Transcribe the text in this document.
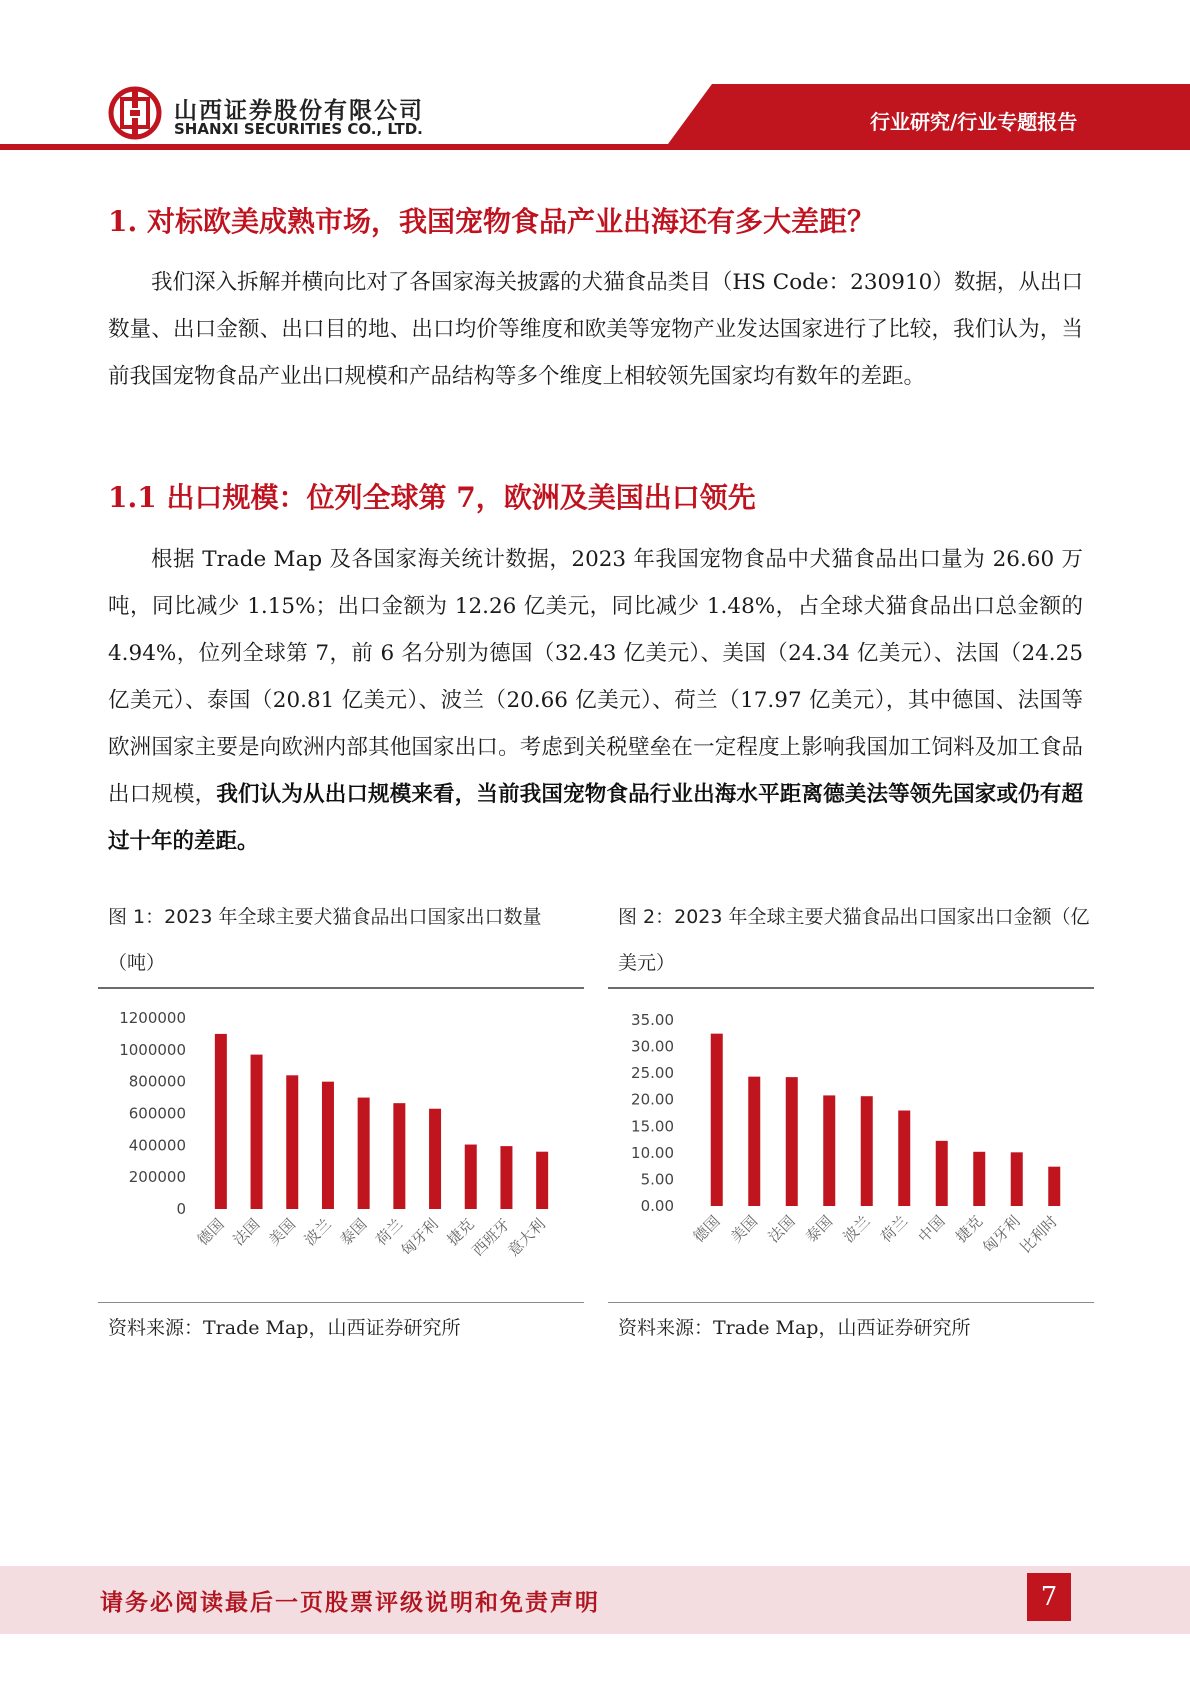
山西证券股份有限公司
SHANXI SECURITIES CO., LTD.	行业研究/行业专题报告
1. 对标欧美成熟市场，我国宠物食品产业出海还有多大差距？

我们深入拆解并横向比对了各国家海关披露的犬猫食品类目（HS Code：230910）数据，从出口数量、出口金额、出口目的地、出口均价等维度和欧美等宠物产业发达国家进行了比较，我们认为，当前我国宠物食品产业出口规模和产品结构等多个维度上相较领先国家均有数年的差距。

1.1 出口规模：位列全球第 7，欧洲及美国出口领先

根据 Trade Map 及各国家海关统计数据，2023 年我国宠物食品中犬猫食品出口量为 26.60 万吨，同比减少 1.15%；出口金额为 12.26 亿美元，同比减少 1.48%，占全球犬猫食品出口总金额的 4.94%，位列全球第 7，前 6 名分别为德国（32.43 亿美元）、美国（24.34 亿美元）、法国（24.25 亿美元）、泰国（20.81 亿美元）、波兰（20.66 亿美元）、荷兰（17.97 亿美元），其中德国、法国等欧洲国家主要是向欧洲内部其他国家出口。考虑到关税壁垒在一定程度上影响我国加工饲料及加工食品出口规模，我们认为从出口规模来看，当前我国宠物食品行业出海水平距离德美法等领先国家或仍有超过十年的差距。

图 1：2023 年全球主要犬猫食品出口国家出口数量（吨）
1200000
1000000
800000
600000
400000
200000
0
德国 法国 美国 波兰 泰国 荷兰
匈牙利 捷克
西班牙
意大利
资料来源：Trade Map，山西证券研究所
图 2：2023 年全球主要犬猫食品出口国家出口金额（亿美元）
35.00
30.00
25.00
20.00
15.00
10.00
5.00
0.00
德国 美国 法国 泰国 波兰 荷兰 中国 捷克
匈牙利
比利时
资料来源：Trade Map，山西证券研究所
请务必阅读最后一页股票评级说明和免责声明	7
